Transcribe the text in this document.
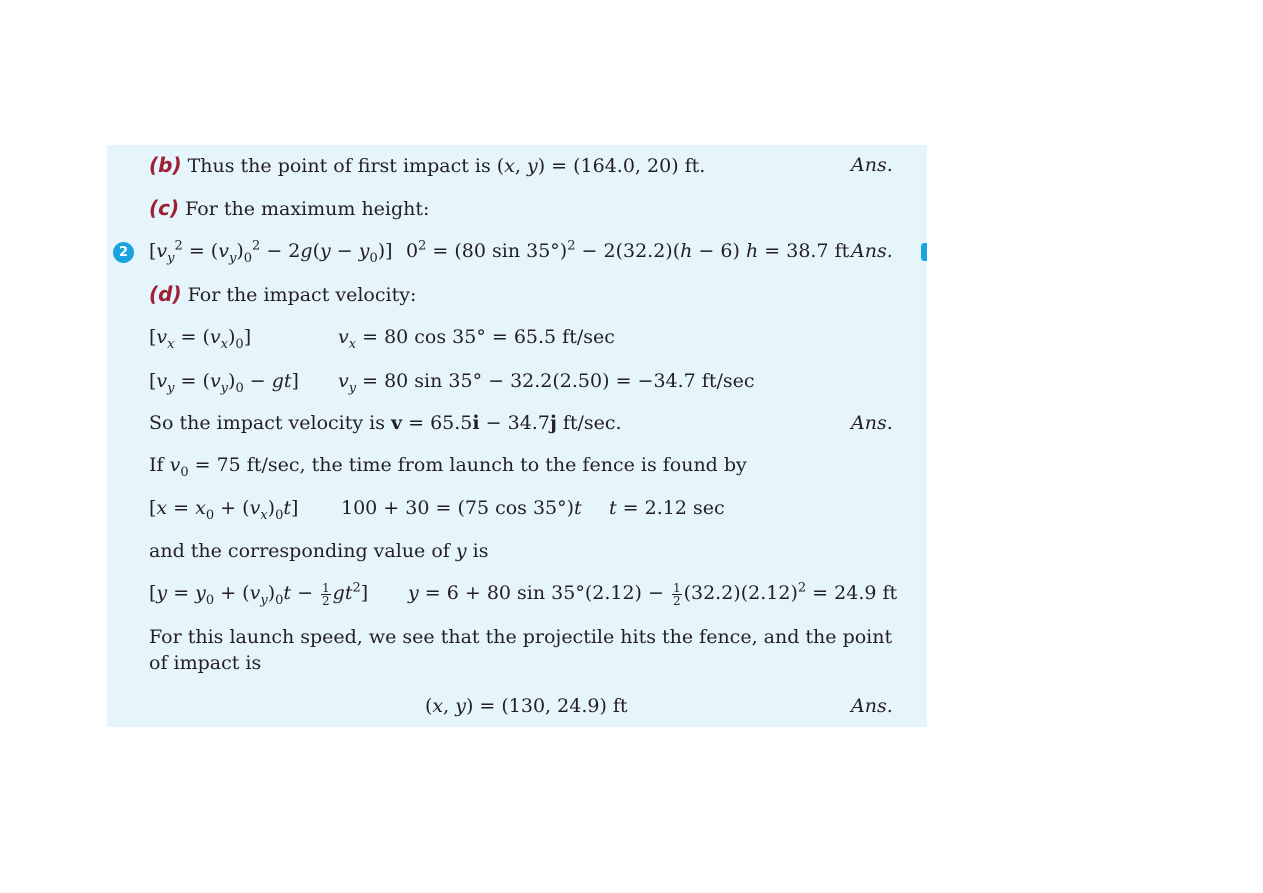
2
(b) Thus the point of first impact is (x, y) = (164.0, 20) ft.	Ans.
(c) For the maximum height:
$[v_y^2 = (v_y)_0^2 - 2g(y - y_0)] 0^2 = (80$ sin 35°)$^2$ − 2(32.2)(h − 6) h = 38.7 ft Ans.
(d) For the impact velocity:
$[v_x = (v_x)_0]$	$v_x = 80$ cos 35° = 65.5 ft/sec
$[v_y = (v_y)_0 - gt] v_y = 80$ sin 35° − 32.2(2.50) = −34.7 ft/sec
So the impact velocity is v = 65.5i − 34.7j ft/sec.	Ans.
If $v_0 = 75$ ft/sec, the time from launch to the fence is found by
$[x = x_0 + (v_x)_0t]$ 100 + 30 = (75 cos 35°)t t = 2.12 sec
and the corresponding value of y is
$[y = y_0 + (v_y)_0t - \frac{1}{2} gt^2]$ y = 6 + 80 $\sin 35^\circ(2.12) - \frac{1}{2} (32.2)(2.12)^2 = 24.9$ ft
For this launch speed, we see that the projectile hits the fence, and the point
of impact is
(x, y) = (130, 24.9) ft	Ans.
